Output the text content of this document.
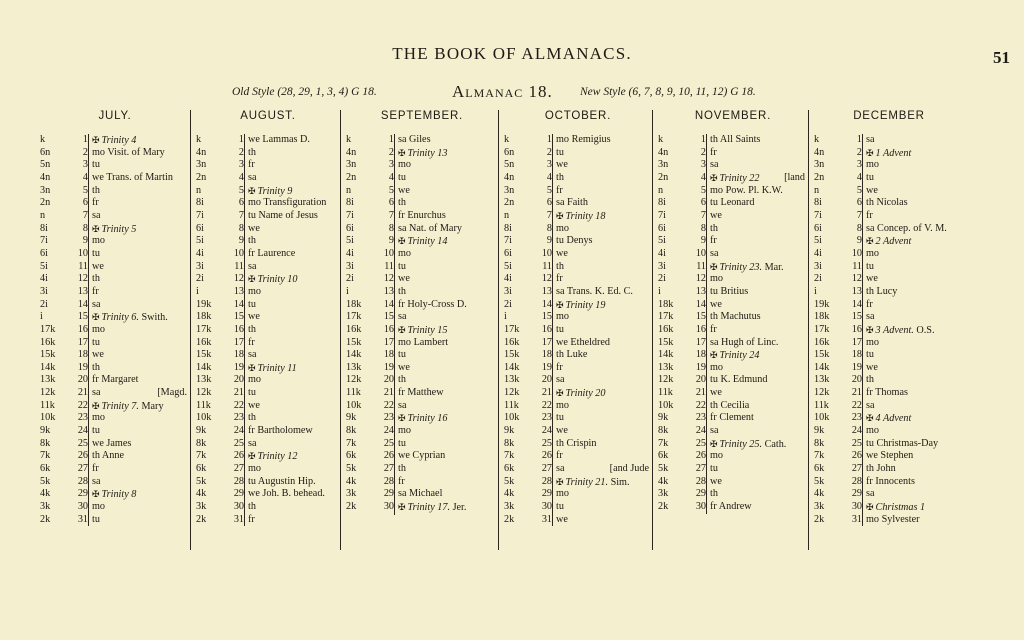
THE BOOK OF ALMANACS.	51
Old Style (28, 29, 1, 3, 4) G 18.	Almanac 18. New Style (6, 7, 8, 9, 10, 11, 12) G 18.
JULY.
k	1 ✠ Trinity 4
6n	2 mo Visit. of Mary
5n	3 tu
4n	4 we Trans. of Martin
3n	5 th
2n	6 fr
n	7 sa
8i	8 ✠ Trinity 5
7i	9 mo
6i	10 tu
5i	11 we
4i	12 th
3i	13 fr
2i	14 sa
i	15 ✠ Trinity 6. Swith.
17k	16 mo
16k	17 tu
15k	18 we
14k	19 th
13k	20 fr Margaret
12k	21 sa	[Magd.
11k	22 ✠ Trinity 7. Mary
10k	23 mo
9k	24 tu
8k	25 we James
7k	26 th Anne
6k	27 fr
5k	28 sa
4k	29 ✠ Trinity 8
3k	30 mo
2k	31 tu
AUGUST.
k	1 we Lammas D.
4n	2 th
3n	3 fr
2n	4 sa
n	5 ✠ Trinity 9
8i	6 mo Transfiguration
7i	7 tu Name of Jesus
6i	8 we
5i	9 th
4i	10 fr Laurence
3i	11 sa
2i	12 ✠ Trinity 10
i	13 mo
19k	14 tu
18k	15 we
17k	16 th
16k	17 fr
15k	18 sa
14k	19 ✠ Trinity 11
13k	20 mo
12k	21 tu
11k	22 we
10k	23 th
9k	24 fr Bartholomew
8k	25 sa
7k	26 ✠ Trinity 12
6k	27 mo
5k	28 tu Augustin Hip.
4k	29 we Joh. B. behead.
3k	30 th
2k	31 fr
SEPTEMBER.
k	1 sa Giles
4n	2 ✠ Trinity 13
3n	3 mo
2n	4 tu
n	5 we
8i	6 th
7i	7 fr Enurchus
6i	8 sa Nat. of Mary
5i	9 ✠ Trinity 14
4i	10 mo
3i	11 tu
2i	12 we
i	13 th
18k	14 fr Holy-Cross D.
17k	15 sa
16k	16 ✠ Trinity 15
15k	17 mo Lambert
14k	18 tu
13k	19 we
12k	20 th
11k	21 fr Matthew
10k	22 sa
9k	23 ✠ Trinity 16
8k	24 mo
7k	25 tu
6k	26 we Cyprian
5k	27 th
4k	28 fr
3k	29 sa Michael
2k	30 ✠ Trinity 17. Jer.
OCTOBER.
k	1 mo Remigius
6n	2 tu
5n	3 we
4n	4 th
3n	5 fr
2n	6 sa Faith
n	7 ✠ Trinity 18
8i	8 mo
7i	9 tu Denys
6i	10 we
5i	11 th
4i	12 fr
3i	13 sa Trans. K. Ed. C.
2i	14 ✠ Trinity 19
i	15 mo
17k	16 tu
16k	17 we Etheldred
15k	18 th Luke
14k	19 fr
13k	20 sa
12k	21 ✠ Trinity 20
11k	22 mo
10k	23 tu
9k	24 we
8k	25 th Crispin
7k	26 fr
6k	27 sa	[and Jude
5k	28 ✠ Trinity 21. Sim.
4k	29 mo
3k	30 tu
2k	31 we
NOVEMBER.
k	1 th All Saints
4n	2 fr
3n	3 sa
2n	4 ✠ Trinity 22 [land
n	5 mo Pow. Pl. K.W.
8i	6 tu Leonard
7i	7 we
6i	8 th
5i	9 fr
4i	10 sa
3i	11 ✠ Trinity 23. Mar.
2i	12 mo
i	13 tu Britius
18k	14 we
17k	15 th Machutus
16k	16 fr
15k	17 sa Hugh of Linc.
14k	18 ✠ Trinity 24
13k	19 mo
12k	20 tu K. Edmund
11k	21 we
10k	22 th Cecilia
9k	23 fr Clement
8k	24 sa
7k	25 ✠ Trinity 25. Cath.
6k	26 mo
5k	27 tu
4k	28 we
3k	29 th
2k	30 fr Andrew
DECEMBER
k	1 sa
4n	2 ✠ 1 Advent
3n	3 mo
2n	4 tu
n	5 we
8i	6 th Nicolas
7i	7 fr
6i	8 sa Concep. of V. M.
5i	9 ✠ 2 Advent
4i	10 mo
3i	11 tu
2i	12 we
i	13 th Lucy
19k	14 fr
18k	15 sa
17k	16 ✠ 3 Advent. O.S.
16k	17 mo
15k	18 tu
14k	19 we
13k	20 th
12k	21 fr Thomas
11k	22 sa
10k	23 ✠ 4 Advent
9k	24 mo
8k	25 tu Christmas-Day
7k	26 we Stephen
6k	27 th John
5k	28 fr Innocents
4k	29 sa
3k	30 ✠ Christmas 1
2k	31 mo Sylvester
